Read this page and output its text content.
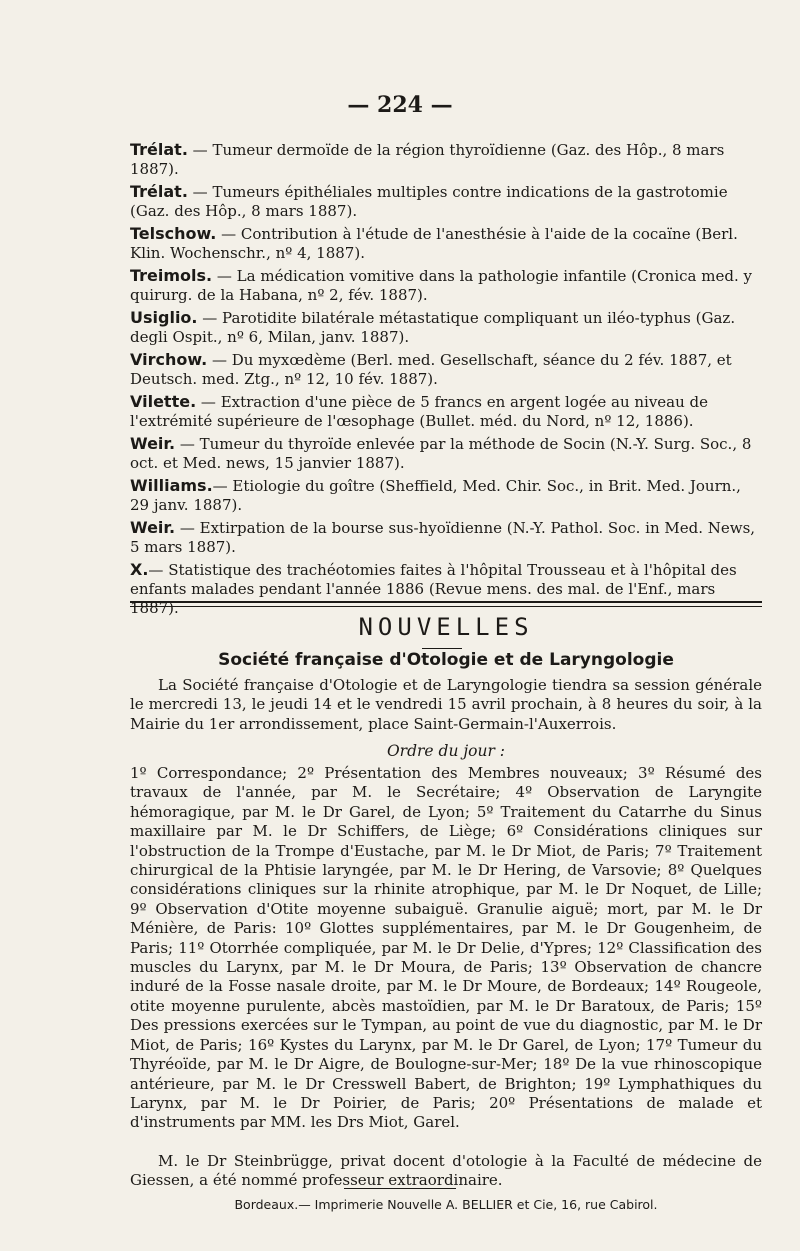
— 224 —
Trélat. — Tumeur dermoïde de la région thyroïdienne (Gaz. des Hôp., 8 mars 1887).
Trélat. — Tumeurs épithéliales multiples contre indications de la gastrotomie (Gaz. des Hôp., 8 mars 1887).
Telschow. — Contribution à l'étude de l'anesthésie à l'aide de la cocaïne (Berl. Klin. Wochenschr., nº 4, 1887).
Treimols. — La médication vomitive dans la pathologie infantile (Cronica med. y quirurg. de la Habana, nº 2, fév. 1887).
Usiglio. — Parotidite bilatérale métastatique compliquant un iléo-typhus (Gaz. degli Ospit., nº 6, Milan, janv. 1887).
Virchow. — Du myxœdème (Berl. med. Gesellschaft, séance du 2 fév. 1887, et Deutsch. med. Ztg., nº 12, 10 fév. 1887).
Vilette. — Extraction d'une pièce de 5 francs en argent logée au niveau de l'extrémité supérieure de l'œsophage (Bullet. méd. du Nord, nº 12, 1886).
Weir. — Tumeur du thyroïde enlevée par la méthode de Socin (N.-Y. Surg. Soc., 8 oct. et Med. news, 15 janvier 1887).
Williams.— Etiologie du goître (Sheffield, Med. Chir. Soc., in Brit. Med. Journ., 29 janv. 1887).
Weir. — Extirpation de la bourse sus-hyoïdienne (N.-Y. Pathol. Soc. in Med. News, 5 mars 1887).
X.— Statistique des trachéotomies faites à l'hôpital Trousseau et à l'hôpital des enfants malades pendant l'année 1886 (Revue mens. des mal. de l'Enf., mars 1887).
NOUVELLES
Société française d'Otologie et de Laryngologie
La Société française d'Otologie et de Laryngologie tiendra sa session générale le mercredi 13, le jeudi 14 et le vendredi 15 avril prochain, à 8 heures du soir, à la Mairie du 1er arrondissement, place Saint-Germain-l'Auxerrois.
Ordre du jour :
1º Correspondance; 2º Présentation des Membres nouveaux; 3º Résumé des travaux de l'année, par M. le Secrétaire; 4º Observation de Laryngite hémoragique, par M. le Dr Garel, de Lyon; 5º Traitement du Catarrhe du Sinus maxillaire par M. le Dr Schiffers, de Liège; 6º Considérations cliniques sur l'obstruction de la Trompe d'Eustache, par M. le Dr Miot, de Paris; 7º Traitement chirurgical de la Phtisie laryngée, par M. le Dr Hering, de Varsovie; 8º Quelques considérations cliniques sur la rhinite atrophique, par M. le Dr Noquet, de Lille; 9º Observation d'Otite moyenne subaiguë. Granulie aiguë; mort, par M. le Dr Ménière, de Paris: 10º Glottes supplémentaires, par M. le Dr Gougenheim, de Paris; 11º Otorrhée compliquée, par M. le Dr Delie, d'Ypres; 12º Classification des muscles du Larynx, par M. le Dr Moura, de Paris; 13º Observation de chancre induré de la Fosse nasale droite, par M. le Dr Moure, de Bordeaux; 14º Rougeole, otite moyenne purulente, abcès mastoïdien, par M. le Dr Baratoux, de Paris; 15º Des pressions exercées sur le Tympan, au point de vue du diagnostic, par M. le Dr Miot, de Paris; 16º Kystes du Larynx, par M. le Dr Garel, de Lyon; 17º Tumeur du Thyréoïde, par M. le Dr Aigre, de Boulogne-sur-Mer; 18º De la vue rhinoscopique antérieure, par M. le Dr Cresswell Babert, de Brighton; 19º Lymphathiques du Larynx, par M. le Dr Poirier, de Paris; 20º Présentations de malade et d'instruments par MM. les Drs Miot, Garel.
M. le Dr Steinbrügge, privat docent d'otologie à la Faculté de médecine de Giessen, a été nommé professeur extraordinaire.
Bordeaux.— Imprimerie Nouvelle A. BELLIER et Cie, 16, rue Cabirol.
